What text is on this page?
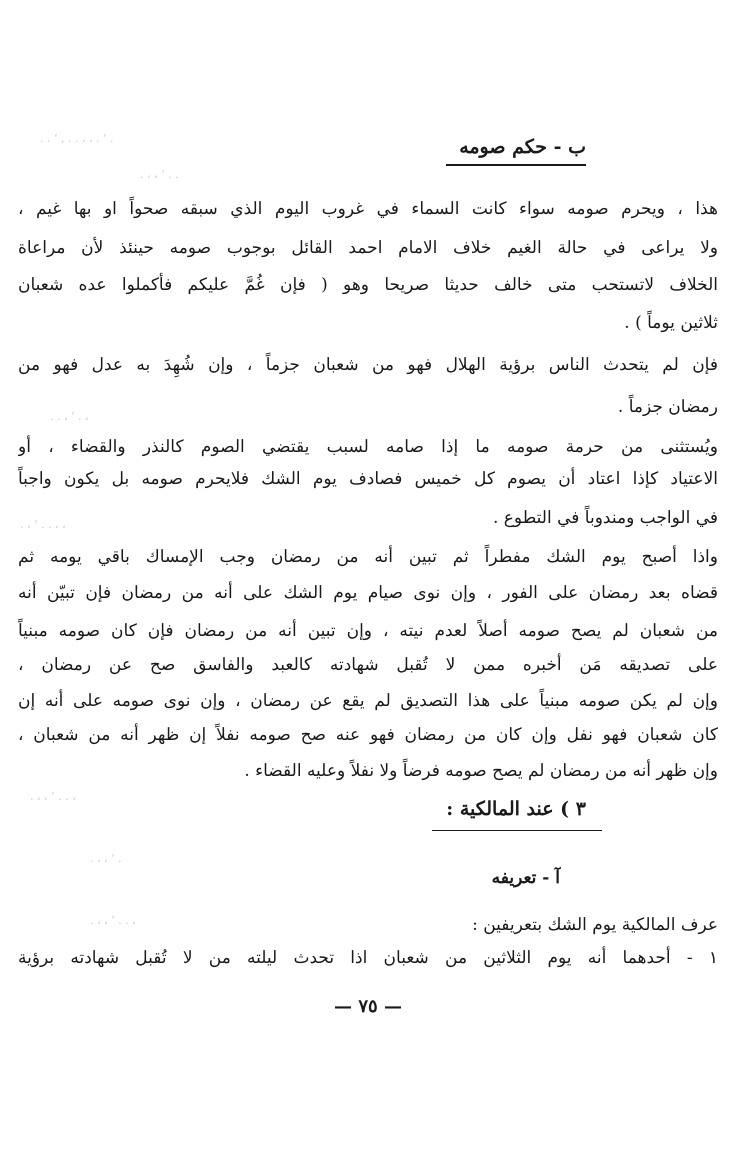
. . ‘ ‚ . . ، ، . ’ .
. ، ، ‘ . .
ب - حكم صومه
هذا ، ويحرم صومه سواء كانت السماء في غروب اليوم الذي سبقه صحواً او بها غيم ،
ولا يراعى في حالة الغيم خلاف الامام احمد القائل بوجوب صومه حينئذ لأن مراعاة
الخلاف لاتستحب متى خالف حديثا صريحا وهو ( فإن غُمَّ عليكم فأكملوا عده شعبان
ثلاثين يوماً ) .
فإن لم يتحدث الناس برؤية الهلال فهو من شعبان جزماً ، وإن شُهِدَ به عدل فهو من
رمضان جزماً .
. . ، ‘ . ،
ويُستثنى من حرمة صومه ما إذا صامه لسبب يقتضي الصوم كالنذر والقضاء ، أو
الاعتياد كإذا اعتاد أن يصوم كل خميس فصادف يوم الشك فلايحرم صومه بل يكون واجباً
في الواجب ومندوباً في التطوع .
. ، ‘ . . ، ،
واذا أصبح يوم الشك مفطراً ثم تبين أنه من رمضان وجب الإمساك باقي يومه ثم
قضاه بعد رمضان على الفور ، وإن نوى صيام يوم الشك على أنه من رمضان فإن تبيّن أنه
من شعبان لم يصح صومه أصلاً لعدم نيته ، وإن تبين أنه من رمضان فإن كان صومه مبنياً
على تصديقه مَن أخبره ممن لا تُقبل شهادته كالعبد والفاسق صح عن رمضان ،
وإن لم يكن صومه مبنياً على هذا التصديق لم يقع عن رمضان ، وإن نوى صومه على أنه إن
كان شعبان فهو نفل وإن كان من رمضان فهو عنه صح صومه نفلاً إن ظهر أنه من شعبان ،
وإن ظهر أنه من رمضان لم يصح صومه فرضاً ولا نفلاً وعليه القضاء .
. ، ، ‘ . . ،
٣ ) عند المالكية :
. ، ، ‘ .
آ - تعريفه
. ، ، ‘ . . ،	عرف المالكية يوم الشك بتعريفين :
١ - أحدهما أنه يوم الثلاثين من شعبان اذا تحدث ليلته من لا تُقبل شهادته برؤية
— ٧٥ —
